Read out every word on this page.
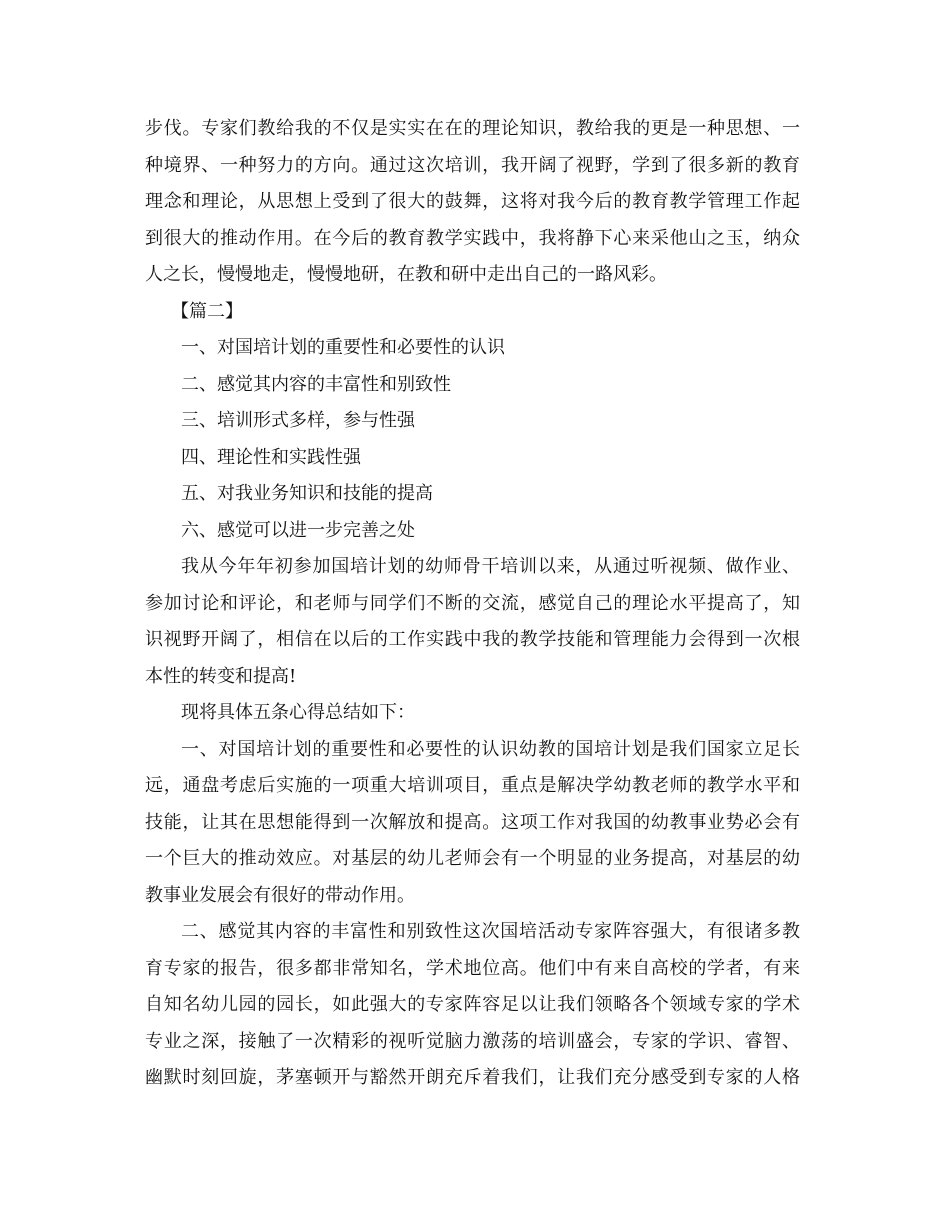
步伐。专家们教给我的不仅是实实在在的理论知识，教给我的更是一种思想、一
种境界、一种努力的方向。通过这次培训，我开阔了视野，学到了很多新的教育
理念和理论，从思想上受到了很大的鼓舞，这将对我今后的教育教学管理工作起
到很大的推动作用。在今后的教育教学实践中，我将静下心来采他山之玉，纳众
人之长，慢慢地走，慢慢地研，在教和研中走出自己的一路风彩。
【篇二】
一、对国培计划的重要性和必要性的认识
二、感觉其内容的丰富性和别致性
三、培训形式多样，参与性强
四、理论性和实践性强
五、对我业务知识和技能的提高
六、感觉可以进一步完善之处
我从今年年初参加国培计划的幼师骨干培训以来，从通过听视频、做作业、
参加讨论和评论，和老师与同学们不断的交流，感觉自己的理论水平提高了，知
识视野开阔了，相信在以后的工作实践中我的教学技能和管理能力会得到一次根
本性的转变和提高!
现将具体五条心得总结如下：
一、对国培计划的重要性和必要性的认识幼教的国培计划是我们国家立足长
远，通盘考虑后实施的一项重大培训项目，重点是解决学幼教老师的教学水平和
技能，让其在思想能得到一次解放和提高。这项工作对我国的幼教事业势必会有
一个巨大的推动效应。对基层的幼儿老师会有一个明显的业务提高，对基层的幼
教事业发展会有很好的带动作用。
二、感觉其内容的丰富性和别致性这次国培活动专家阵容强大，有很诸多教
育专家的报告，很多都非常知名，学术地位高。他们中有来自高校的学者，有来
自知名幼儿园的园长，如此强大的专家阵容足以让我们领略各个领域专家的学术
专业之深，接触了一次精彩的视听觉脑力激荡的培训盛会，专家的学识、睿智、
幽默时刻回旋，茅塞顿开与豁然开朗充斥着我们，让我们充分感受到专家的人格
